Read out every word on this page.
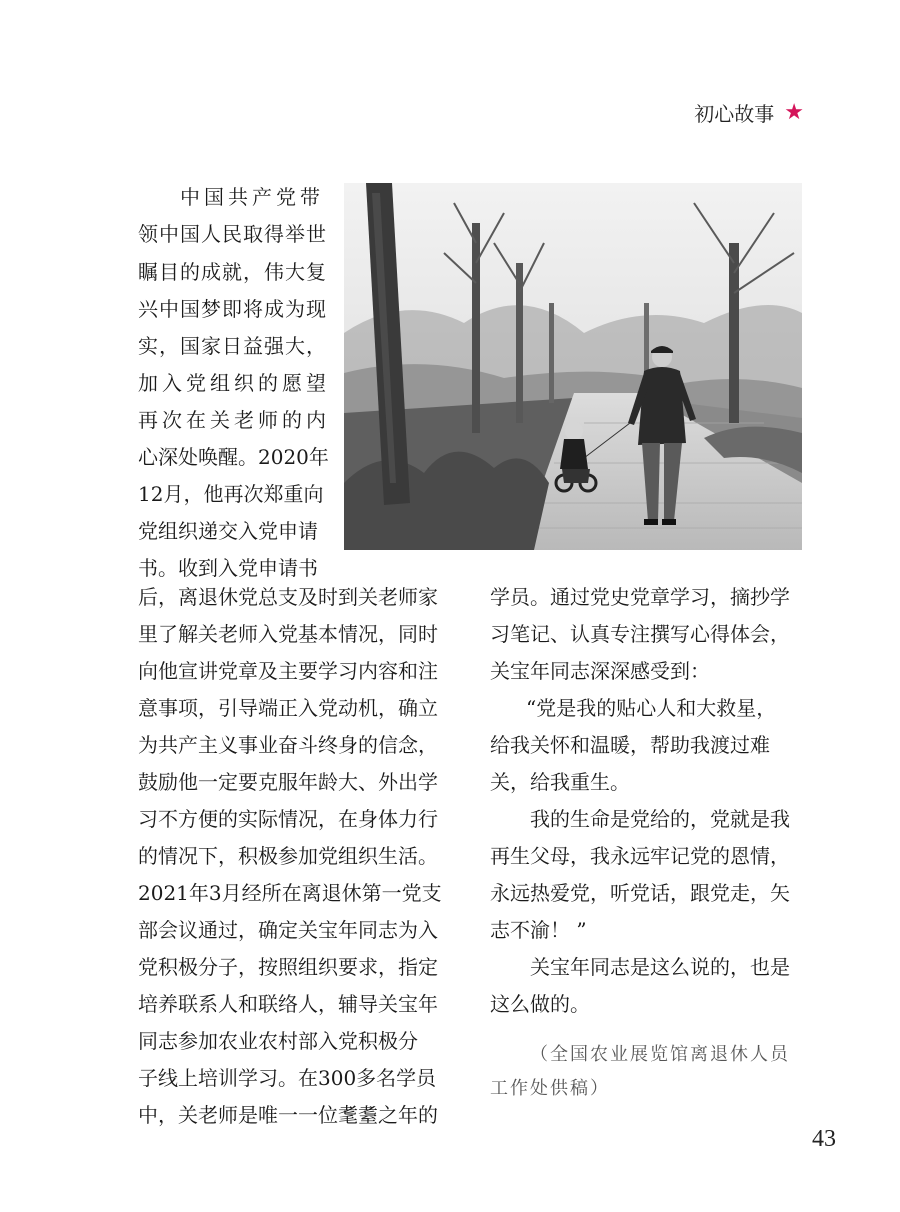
初心故事 ★
中国共产党带
领中国人民取得举世
瞩目的成就，伟大复
兴中国梦即将成为现
实，国家日益强大，
加入党组织的愿望
再次在关老师的内
心深处唤醒。2020年
12月，他再次郑重向
党组织递交入党申请
书。收到入党申请书
后，离退休党总支及时到关老师家
里了解关老师入党基本情况，同时
向他宣讲党章及主要学习内容和注
意事项，引导端正入党动机，确立
为共产主义事业奋斗终身的信念，
鼓励他一定要克服年龄大、外出学
习不方便的实际情况，在身体力行
的情况下，积极参加党组织生活。
2021年3月经所在离退休第一党支
部会议通过，确定关宝年同志为入
党积极分子，按照组织要求，指定
培养联系人和联络人，辅导关宝年
同志参加农业农村部入党积极分
子线上培训学习。在300多名学员
中，关老师是唯一一位耄耋之年的
学员。通过党史党章学习，摘抄学
习笔记、认真专注撰写心得体会，
关宝年同志深深感受到：
“党是我的贴心人和大救星，
给我关怀和温暖，帮助我渡过难
关，给我重生。
我的生命是党给的，党就是我
再生父母，我永远牢记党的恩情，
永远热爱党，听党话，跟党走，矢
志不渝！ ”
关宝年同志是这么说的，也是
这么做的。
（全国农业展览馆离退休人员
工作处供稿）
43
